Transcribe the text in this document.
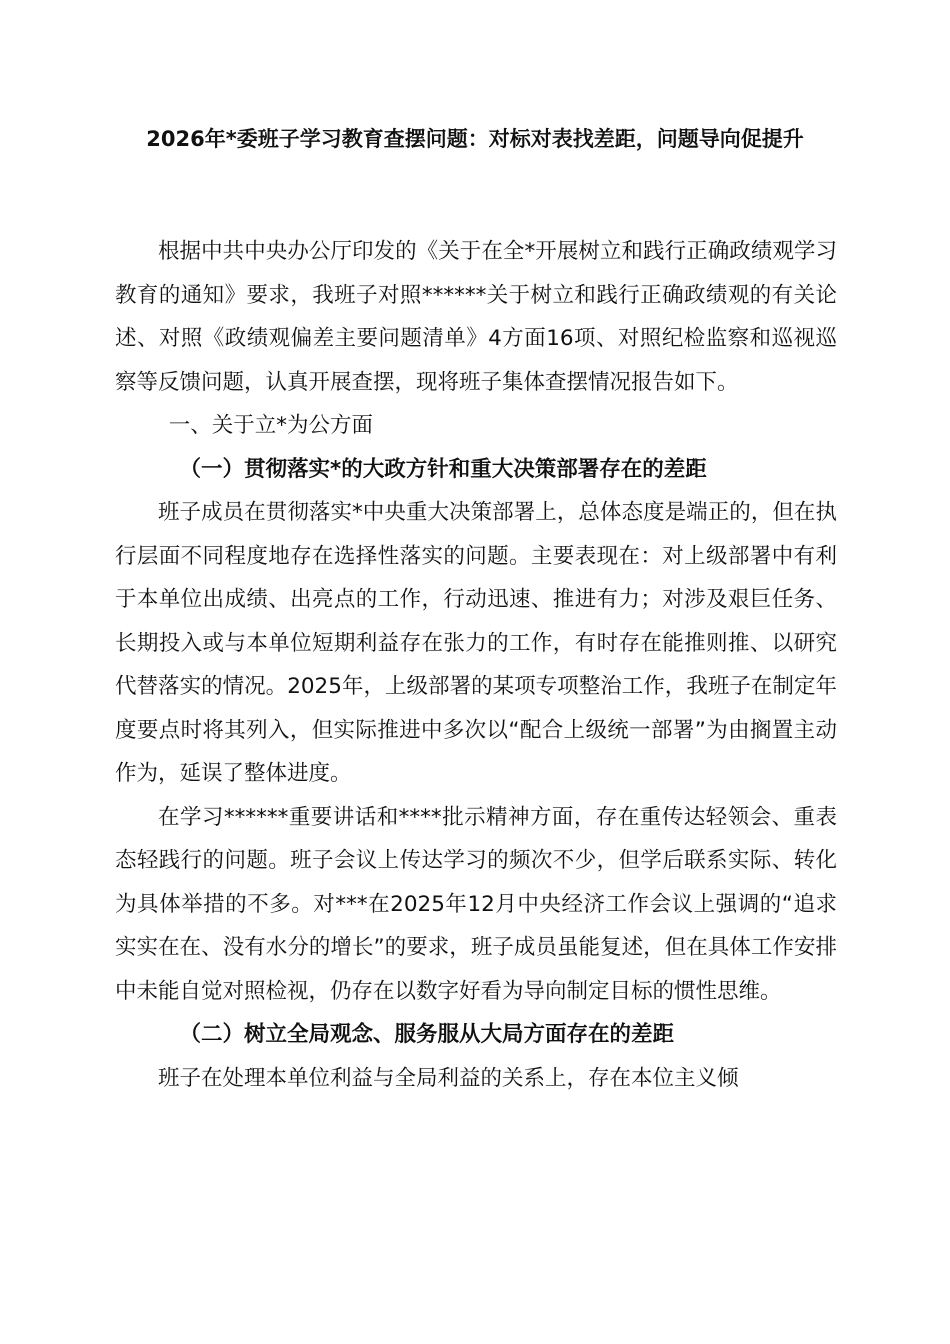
2026年*委班子学习教育查摆问题：对标对表找差距，问题导向促提升

根据中共中央办公厅印发的《关于在全*开展树立和践行正确政绩观学习教育的通知》要求，我班子对照******关于树立和践行正确政绩观的有关论述、对照《政绩观偏差主要问题清单》4方面16项、对照纪检监察和巡视巡察等反馈问题，认真开展查摆，现将班子集体查摆情况报告如下。

一、关于立*为公方面

（一）贯彻落实*的大政方针和重大决策部署存在的差距

班子成员在贯彻落实*中央重大决策部署上，总体态度是端正的，但在执行层面不同程度地存在选择性落实的问题。主要表现在：对上级部署中有利于本单位出成绩、出亮点的工作，行动迅速、推进有力；对涉及艰巨任务、长期投入或与本单位短期利益存在张力的工作，有时存在能推则推、以研究代替落实的情况。2025年，上级部署的某项专项整治工作，我班子在制定年度要点时将其列入，但实际推进中多次以“配合上级统一部署”为由搁置主动作为，延误了整体进度。

在学习******重要讲话和****批示精神方面，存在重传达轻领会、重表态轻践行的问题。班子会议上传达学习的频次不少，但学后联系实际、转化为具体举措的不多。对***在2025年12月中央经济工作会议上强调的“追求实实在在、没有水分的增长”的要求，班子成员虽能复述，但在具体工作安排中未能自觉对照检视，仍存在以数字好看为导向制定目标的惯性思维。

（二）树立全局观念、服务服从大局方面存在的差距

班子在处理本单位利益与全局利益的关系上，存在本位主义倾
